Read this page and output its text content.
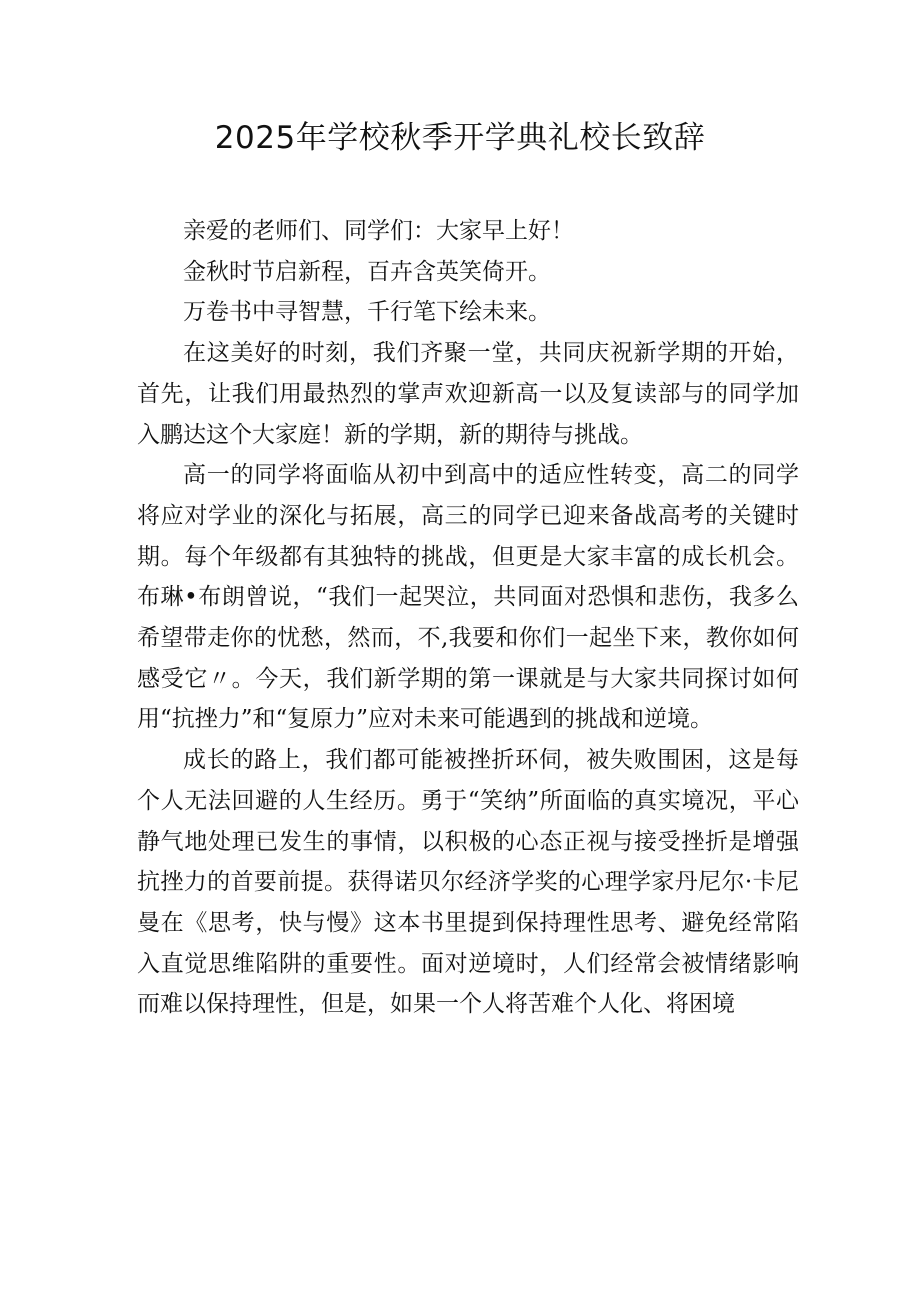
2025年学校秋季开学典礼校长致辞

亲爱的老师们、同学们：大家早上好！

金秋时节启新程，百卉含英笑倚开。

万卷书中寻智慧，千行笔下绘未来。

在这美好的时刻，我们齐聚一堂，共同庆祝新学期的开始，首先，让我们用最热烈的掌声欢迎新高一以及复读部与的同学加入鹏达这个大家庭！新的学期，新的期待与挑战。

高一的同学将面临从初中到高中的适应性转变，高二的同学将应对学业的深化与拓展，高三的同学已迎来备战高考的关键时期。每个年级都有其独特的挑战，但更是大家丰富的成长机会。布琳•布朗曾说，“我们一起哭泣，共同面对恐惧和悲伤，我多么希望带走你的忧愁，然而，不,我要和你们一起坐下来，教你如何感受它〃。今天，我们新学期的第一课就是与大家共同探讨如何用“抗挫力”和“复原力”应对未来可能遇到的挑战和逆境。

成长的路上，我们都可能被挫折环伺，被失败围困，这是每个人无法回避的人生经历。勇于“笑纳”所面临的真实境况，平心静气地处理已发生的事情，以积极的心态正视与接受挫折是增强抗挫力的首要前提。获得诺贝尔经济学奖的心理学家丹尼尔·卡尼曼在《思考，快与慢》这本书里提到保持理性思考、避免经常陷入直觉思维陷阱的重要性。面对逆境时，人们经常会被情绪影响而难以保持理性，但是，如果一个人将苦难个人化、将困境
